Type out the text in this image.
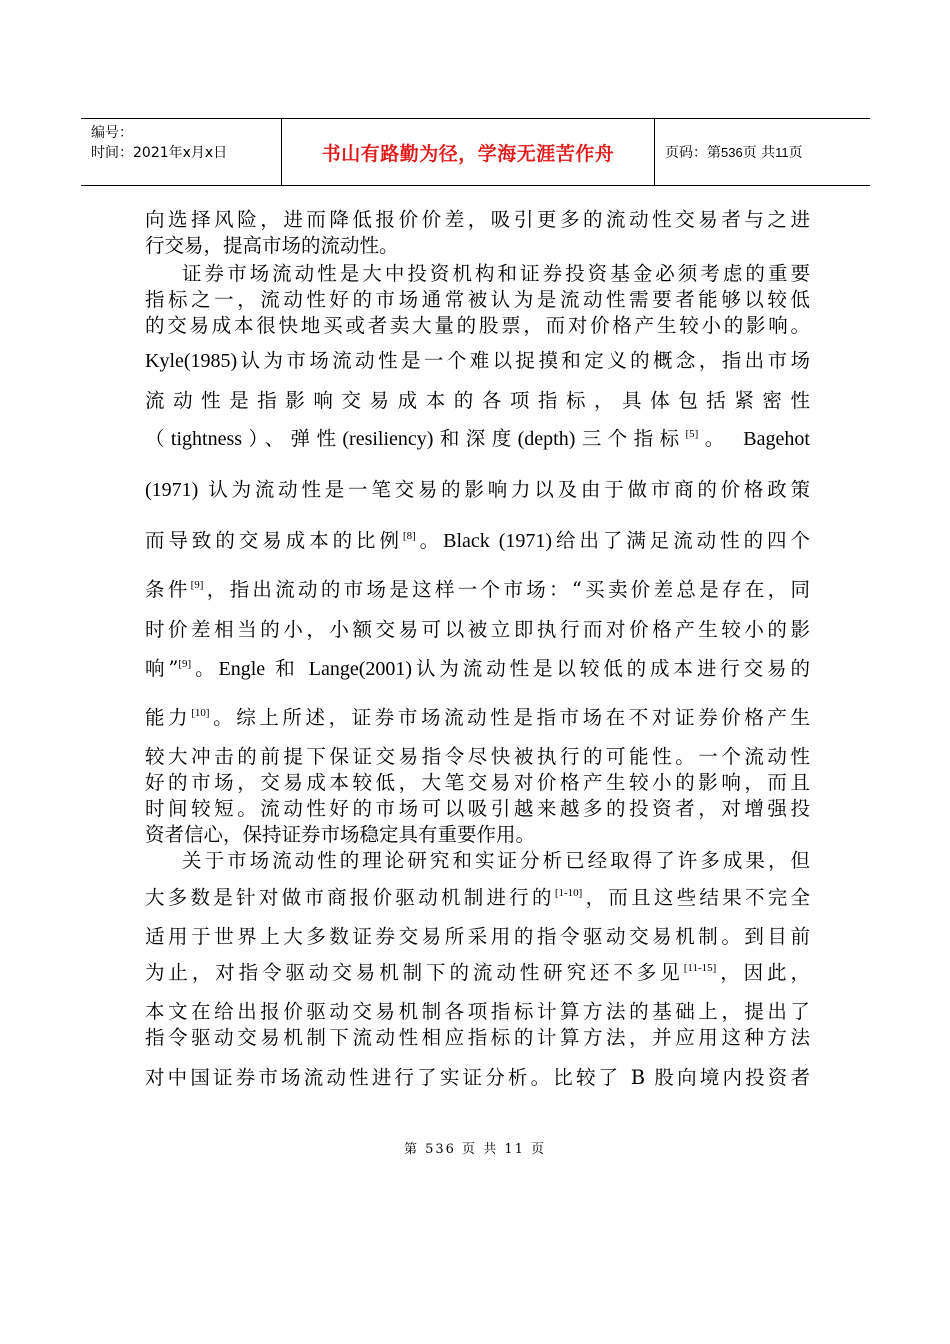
编号：
时间：2021年x月x日	书山有路勤为径，学海无涯苦作舟	页码：第 536 页 共 11 页
向选择风险，进而降低报价价差，吸引更多的流动性交易者与之进
行交易，提高市场的流动性。
证券市场流动性是大中投资机构和证券投资基金必须考虑的重要
指标之一，流动性好的市场通常被认为是流动性需要者能够以较低
的交易成本很快地买或者卖大量的股票，而对价格产生较小的影响。
Kyle(1985)认为市场流动性是一个难以捉摸和定义的概念，指出市场
流动性是指影响交易成本的各项指标，具体包括紧密性
（tightness）、弹性(resiliency)和深度(depth)三个指标[5]。 Bagehot
(1971) 认为流动性是一笔交易的影响力以及由于做市商的价格政策
而导致的交易成本的比例[8]。Black (1971)给出了满足流动性的四个
条件[9]，指出流动的市场是这样一个市场：“买卖价差总是存在，同
时价差相当的小，小额交易可以被立即执行而对价格产生较小的影
响”[9]。Engle 和 Lange(2001)认为流动性是以较低的成本进行交易的
能力[10]。综上所述，证券市场流动性是指市场在不对证券价格产生
较大冲击的前提下保证交易指令尽快被执行的可能性。一个流动性
好的市场，交易成本较低，大笔交易对价格产生较小的影响，而且
时间较短。流动性好的市场可以吸引越来越多的投资者，对增强投
资者信心，保持证券市场稳定具有重要作用。
关于市场流动性的理论研究和实证分析已经取得了许多成果，但
大多数是针对做市商报价驱动机制进行的[1-10]，而且这些结果不完全
适用于世界上大多数证券交易所采用的指令驱动交易机制。到目前
为止，对指令驱动交易机制下的流动性研究还不多见[11-15]，因此，
本文在给出报价驱动交易机制各项指标计算方法的基础上，提出了
指令驱动交易机制下流动性相应指标的计算方法，并应用这种方法
对中国证券市场流动性进行了实证分析。比较了 B 股向境内投资者
第 536 页 共 11 页
